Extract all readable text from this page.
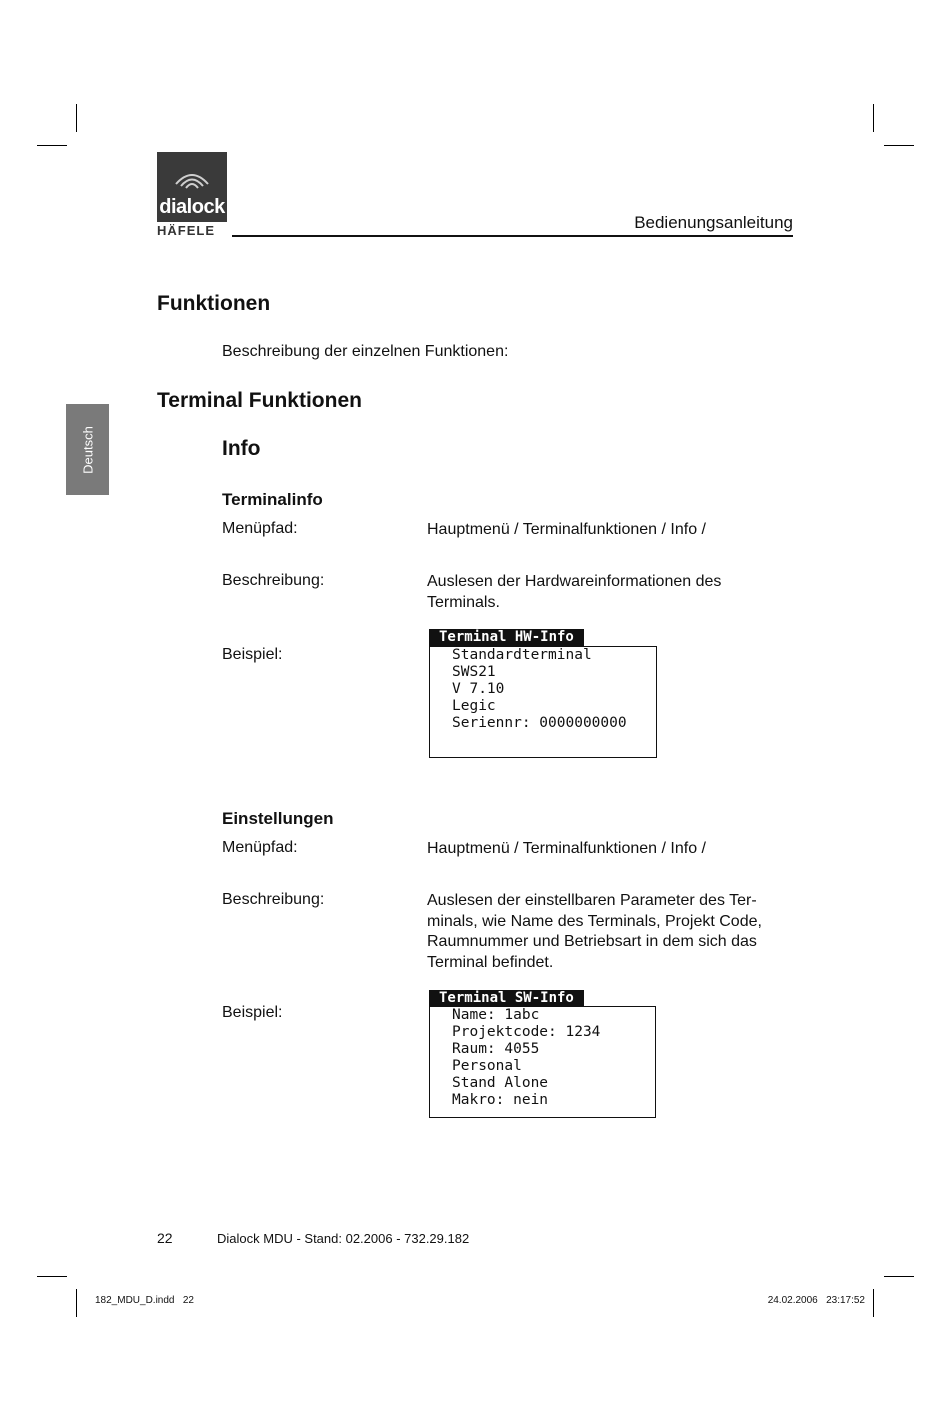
dialock
HÄFELE	Bedienungsanleitung
Deutsch
Funktionen
Beschreibung der einzelnen Funktionen:
Terminal Funktionen
Info
Terminalinfo
Menüpfad:	Hauptmenü / Terminalfunktionen / Info /
Beschreibung:	Auslesen der Hardwareinformationen des
Terminals.
Beispiel:
Terminal HW-Info
Standardterminal
SWS21
V 7.10
Legic
Seriennr: 0000000000
Einstellungen
Menüpfad:	Hauptmenü / Terminalfunktionen / Info /
Beschreibung:	Auslesen der einstellbaren Parameter des Ter-
minals, wie Name des Terminals, Projekt Code,
Raumnummer und Betriebsart in dem sich das
Terminal befindet.
Beispiel:
Terminal SW-Info
Name: 1abc
Projektcode: 1234
Raum: 4055
Personal
Stand Alone
Makro: nein
22	Dialock MDU - Stand: 02.2006 - 732.29.182
182_MDU_D.indd   22	24.02.2006   23:17:52
